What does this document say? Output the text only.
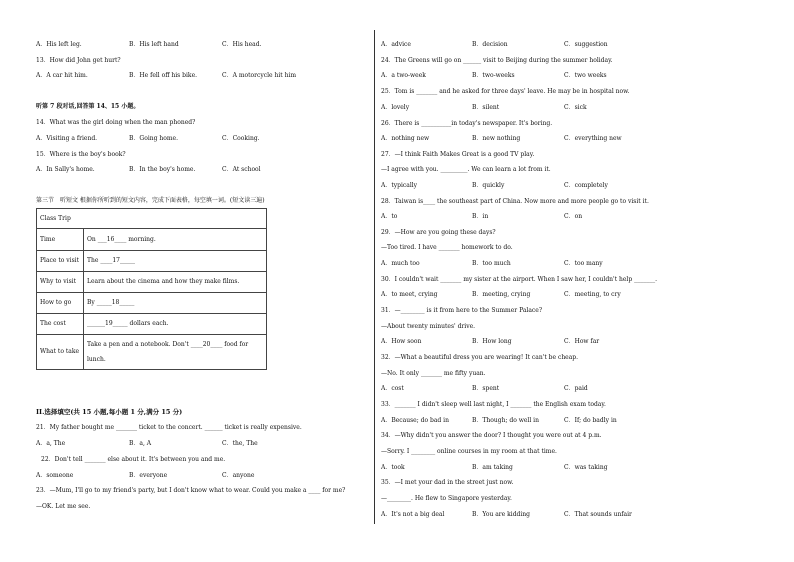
A．His left leg.	B．His left hand	C．His head.
13．How did John get hurt?
A．A car hit him.	B．He fell off his bike.	C．A motorcycle hit him
听第 7 段对话,回答第 14、15 小题。
14．What was the girl doing when the man phoned?
A．Visiting a friend.	B．Going home.	C．Cooking.
15．Where is the boy's book?
A．In Sally's home.	B．In the boy's home.	C．At school
第三节　听短文 根据你所听到的短文内容，完成下面表格，每空填一词。(短文读三遍)
Class Trip	
Time	On ___16____ morning.
Place to visit	The ____17_____
Why to visit	Learn about the cinema and how they make films.
How to go	By _____18_____
The cost	______19_____ dollars each.
What to take	Take a pen and a notebook. Don't ____20____ food for lunch.
II.选择填空(共 15 小题,每小题 1 分,满分 15 分)
21．My father bought me _______ ticket to the concert. ______ ticket is really expensive.
A．a, The	B．a, A	C．the, The
22．Don't tell _______ else about it. It's between you and me.
A．someone	B．everyone	C．anyone
23．—Mum, I'll go to my friend's party, but I don't know what to wear. Could you make a ____ for me?
—OK. Let me see.
A．advice	B．decision	C．suggestion
24．The Greens will go on ______ visit to Beijing during the summer holiday.
A．a two-week	B．two-weeks	C．two weeks
25．Tom is _______ and he asked for three days' leave. He may be in hospital now.
A．lovely	B．silent	C．sick
26．There is __________in today's newspaper. It's boring.
A．nothing new	B．new nothing	C．everything new
27．—I think Faith Makes Great is a good TV play.
—I agree with you. _________. We can learn a lot from it.
A．typically	B．quickly	C．completely
28．Taiwan is____ the southeast part of China. Now more and more people go to visit it.
A．to	B．in	C．on
29．—How are you going these days?
—Too tired. I have _______ homework to do.
A．much too	B．too much	C．too many
30．I couldn't wait _______ my sister at the airport. When I saw her, I couldn't help _______.
A．to meet, crying	B．meeting, crying	C．meeting, to cry
31．—________ is it from here to the Summer Palace?
—About twenty minutes' drive.
A．How soon	B．How long	C．How far
32．—What a beautiful dress you are wearing! It can't be cheap.
—No. It only _______ me fifty yuan.
A．cost	B．spent	C．paid
33．_______ I didn't sleep well last night, I _______ the English exam today.
A．Because; do bad in	B．Though; do well in	C．If; do badly in
34．—Why didn't you answer the door? I thought you were out at 4 p.m.
—Sorry. I ________ online courses in my room at that time.
A．took	B．am taking	C．was taking
35．—I met your dad in the street just now.
—________. He flew to Singapore yesterday.
A．It's not a big deal	B．You are kidding	C．That sounds unfair
